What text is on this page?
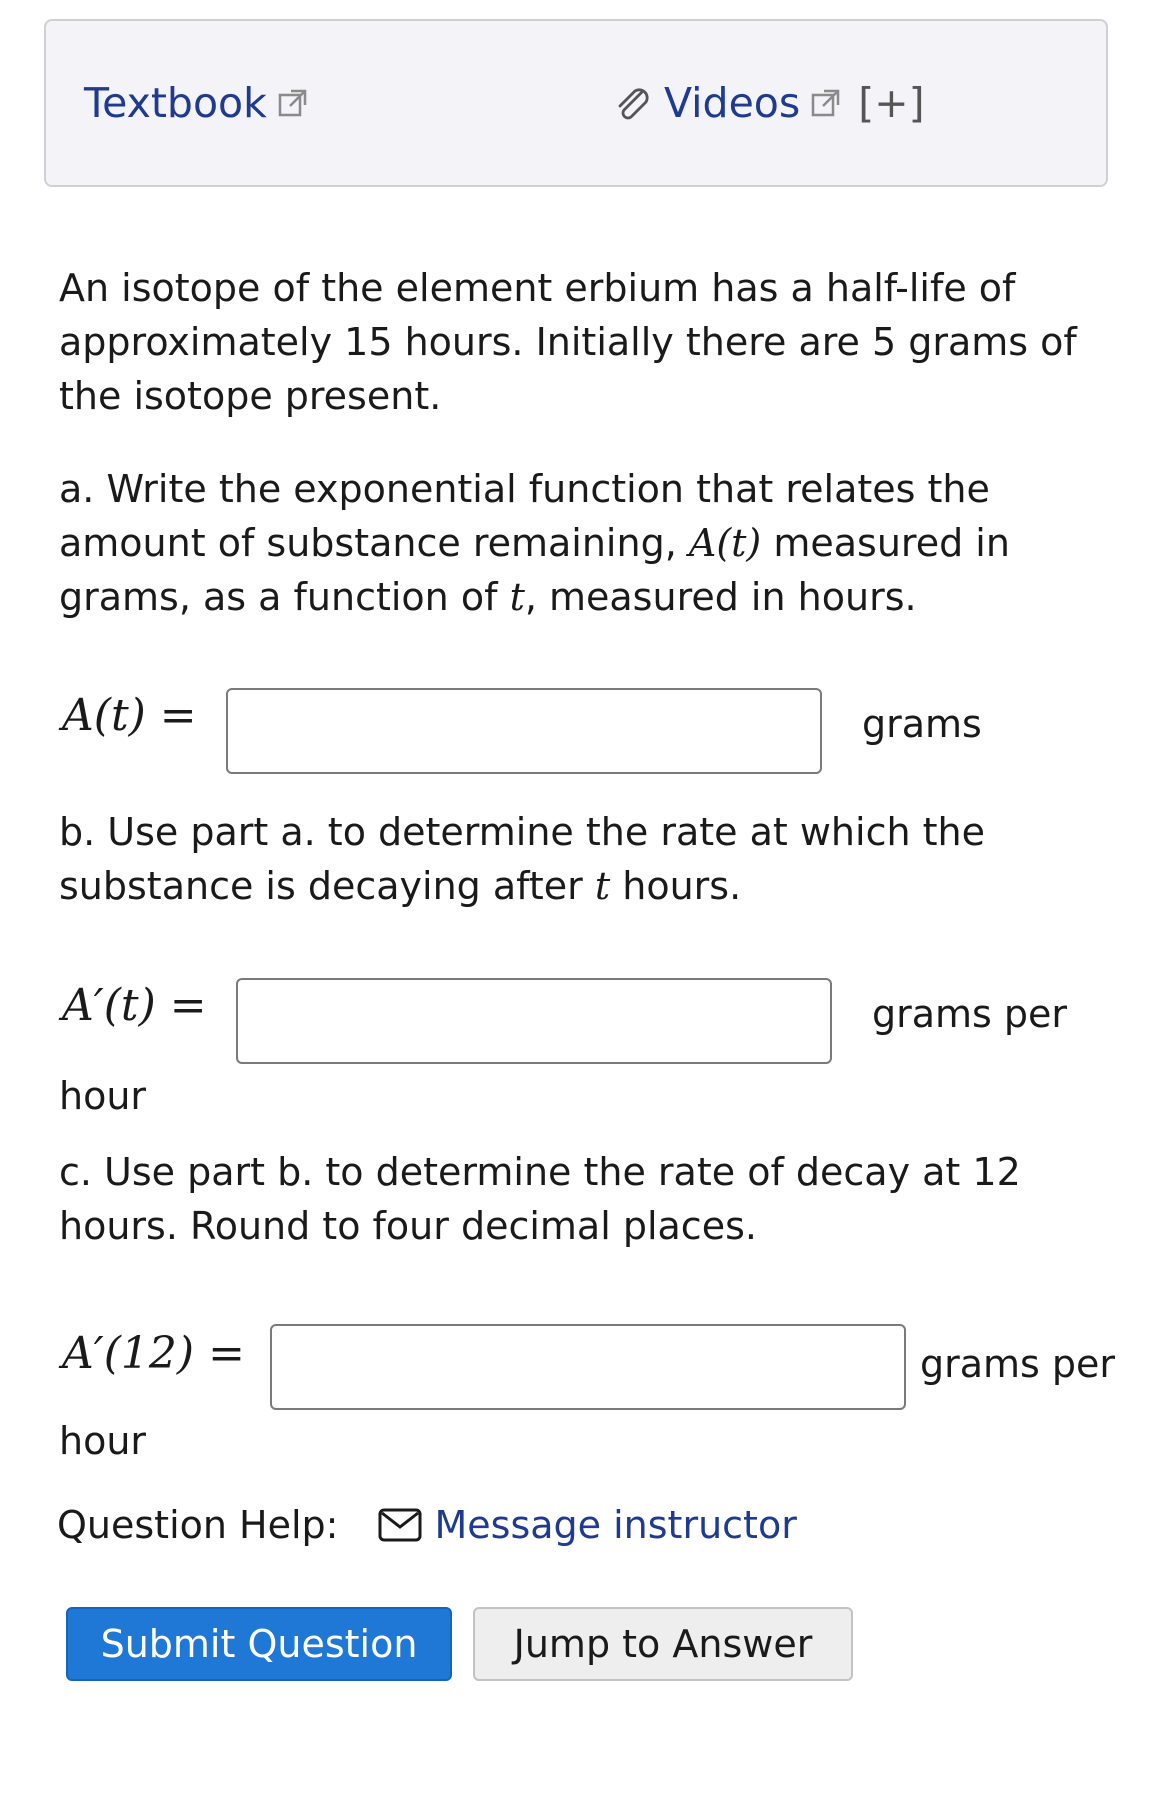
Textbook	Videos [+]
An isotope of the element erbium has a half-life of approximately 15 hours. Initially there are 5 grams of the isotope present.
a. Write the exponential function that relates the amount of substance remaining, A(t) measured in grams, as a function of t, measured in hours.
A(t) =	grams
b. Use part a. to determine the rate at which the substance is decaying after t hours.
A′(t) =	grams per
hour
c. Use part b. to determine the rate of decay at 12 hours. Round to four decimal places.
A′(12) =	grams per
hour
Question Help:	Message instructor
Submit Question	Jump to Answer
